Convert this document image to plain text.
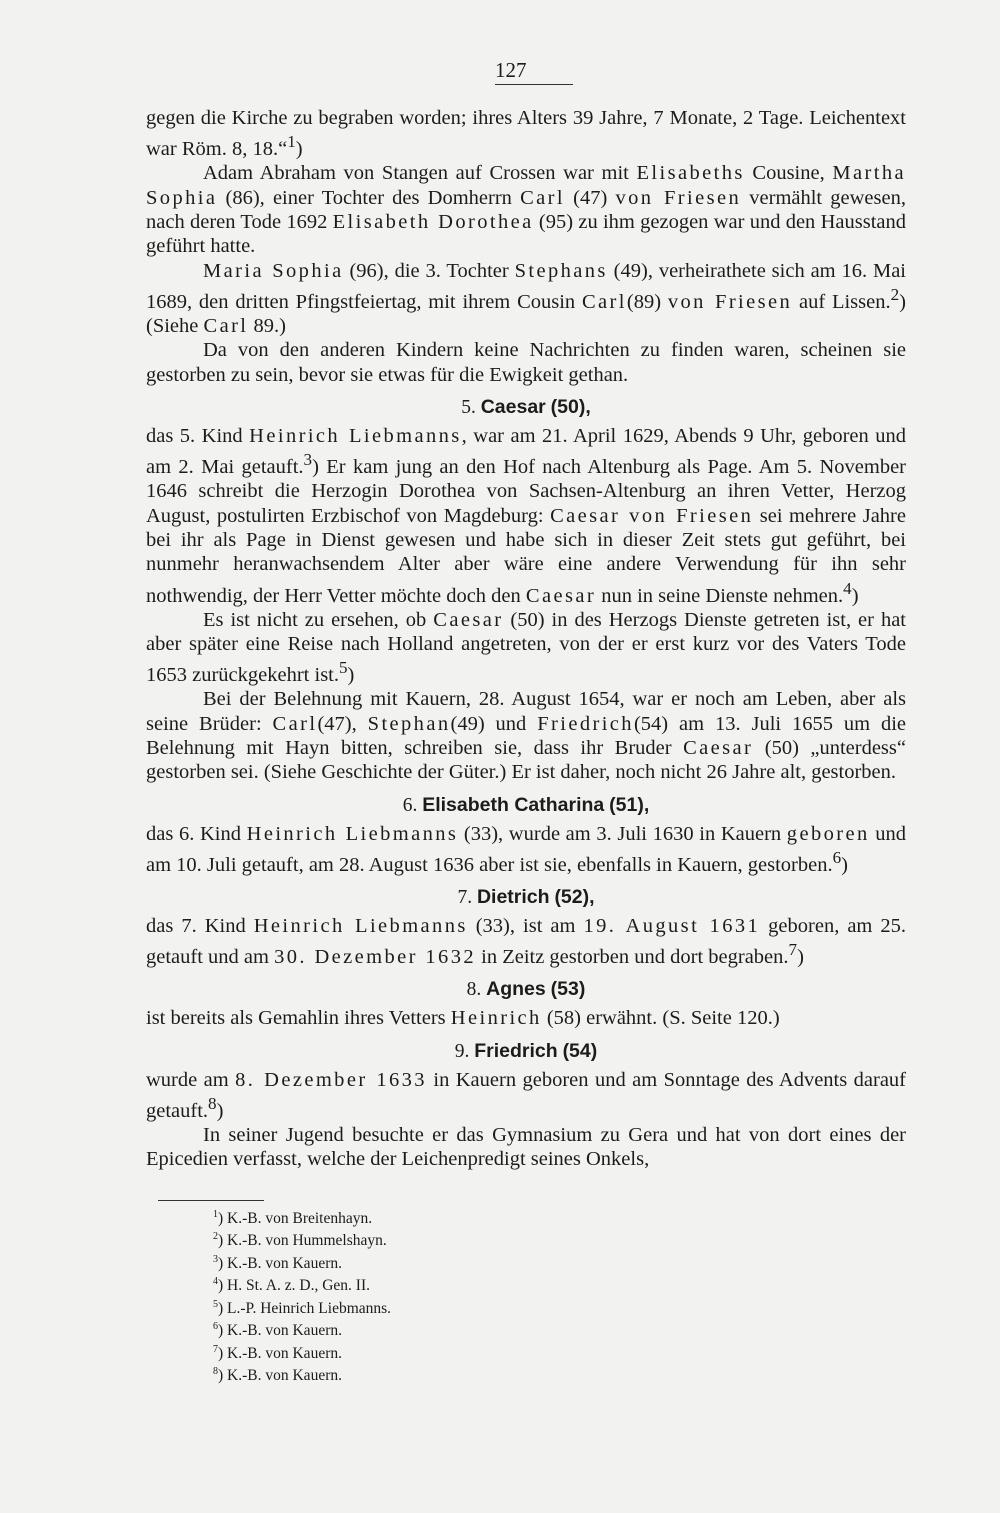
127

gegen die Kirche zu begraben worden; ihres Alters 39 Jahre, 7 Monate, 2 Tage. Leichentext war Röm. 8, 18.“$^1$)

Adam Abraham von Stangen auf Crossen war mit Elisabeths Cousine, Martha Sophia (86), einer Tochter des Domherrn Carl (47) von Friesen vermählt gewesen, nach deren Tode 1692 Elisabeth Dorothea (95) zu ihm gezogen war und den Hausstand geführt hatte.

Maria Sophia (96), die 3. Tochter Stephans (49), verheirathete sich am 16. Mai 1689, den dritten Pfingstfeiertag, mit ihrem Cousin Carl(89) von Friesen auf Lissen.$^2$) (Siehe Carl 89.)

Da von den anderen Kindern keine Nachrichten zu finden waren, scheinen sie gestorben zu sein, bevor sie etwas für die Ewigkeit gethan.

5. Caesar (50),

das 5. Kind Heinrich Liebmanns, war am 21. April 1629, Abends 9 Uhr, geboren und am 2. Mai getauft.$^3$) Er kam jung an den Hof nach Altenburg als Page. Am 5. November 1646 schreibt die Herzogin Dorothea von Sachsen-Altenburg an ihren Vetter, Herzog August, postulirten Erzbischof von Magdeburg: Caesar von Friesen sei mehrere Jahre bei ihr als Page in Dienst gewesen und habe sich in dieser Zeit stets gut geführt, bei nunmehr heranwachsendem Alter aber wäre eine andere Verwendung für ihn sehr nothwendig, der Herr Vetter möchte doch den Caesar nun in seine Dienste nehmen.$^4$)

Es ist nicht zu ersehen, ob Caesar (50) in des Herzogs Dienste getreten ist, er hat aber später eine Reise nach Holland angetreten, von der er erst kurz vor des Vaters Tode 1653 zurückgekehrt ist.$^5$)

Bei der Belehnung mit Kauern, 28. August 1654, war er noch am Leben, aber als seine Brüder: Carl(47), Stephan(49) und Friedrich(54) am 13. Juli 1655 um die Belehnung mit Hayn bitten, schreiben sie, dass ihr Bruder Caesar (50) „unterdess“ gestorben sei. (Siehe Geschichte der Güter.) Er ist daher, noch nicht 26 Jahre alt, gestorben.

6. Elisabeth Catharina (51),

das 6. Kind Heinrich Liebmanns (33), wurde am 3. Juli 1630 in Kauern geboren und am 10. Juli getauft, am 28. August 1636 aber ist sie, ebenfalls in Kauern, gestorben.$^6$)

7. Dietrich (52),

das 7. Kind Heinrich Liebmanns (33), ist am 19. August 1631 geboren, am 25. getauft und am 30. Dezember 1632 in Zeitz gestorben und dort begraben.$^7$)

8. Agnes (53)

ist bereits als Gemahlin ihres Vetters Heinrich (58) erwähnt. (S. Seite 120.)

9. Friedrich (54)

wurde am 8. Dezember 1633 in Kauern geboren und am Sonntage des Advents darauf getauft.$^8$)

In seiner Jugend besuchte er das Gymnasium zu Gera und hat von dort eines der Epicedien verfasst, welche der Leichenpredigt seines Onkels,

$^1$) K.-B. von Breitenhayn.
$^2$) K.-B. von Hummelshayn.
$^3$) K.-B. von Kauern.
$^4$) H. St. A. z. D., Gen. II.
$^5$) L.-P. Heinrich Liebmanns.
$^6$) K.-B. von Kauern.
$^7$) K.-B. von Kauern.
$^8$) K.-B. von Kauern.
